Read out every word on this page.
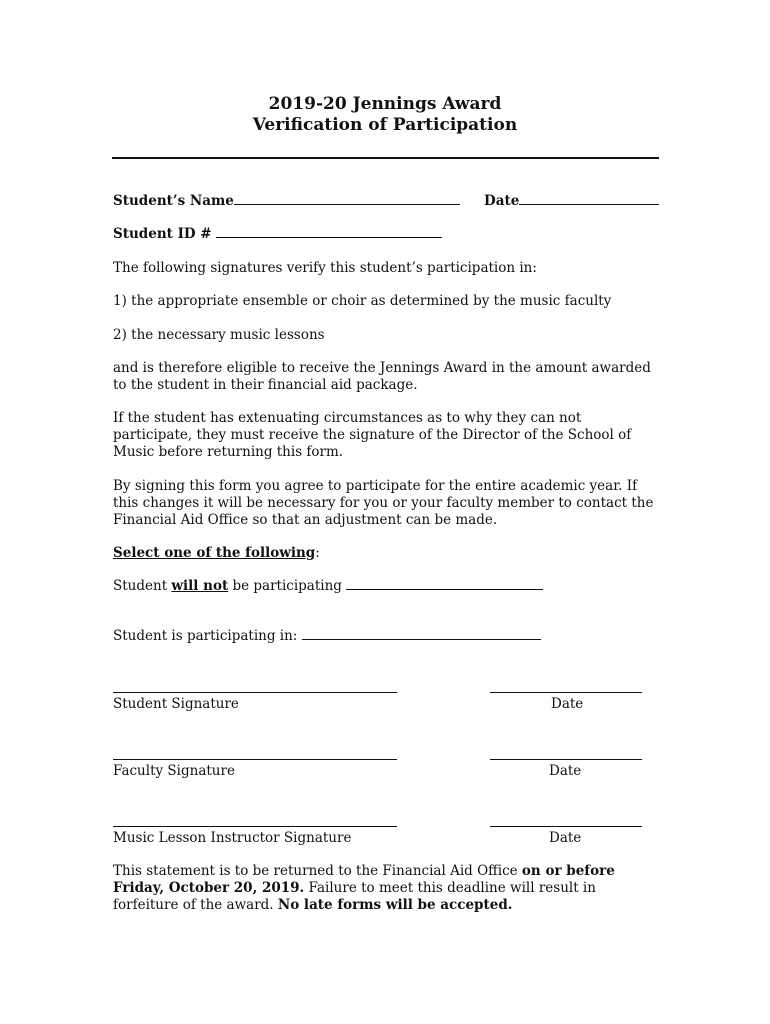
2019-20 Jennings Award
Verification of Participation
Student’s Name	Date
Student ID #
The following signatures verify this student’s participation in:
1) the appropriate ensemble or choir as determined by the music faculty
2) the necessary music lessons
and is therefore eligible to receive the Jennings Award in the amount awarded to the student in their financial aid package.
If the student has extenuating circumstances as to why they can not participate, they must receive the signature of the Director of the School of Music before returning this form.
By signing this form you agree to participate for the entire academic year. If this changes it will be necessary for you or your faculty member to contact the Financial Aid Office so that an adjustment can be made.
Select one of the following:
Student will not be participating
Student is participating in:
Student Signature	Date
Faculty Signature	Date
Music Lesson Instructor Signature	Date
This statement is to be returned to the Financial Aid Office on or before Friday, October 20, 2019. Failure to meet this deadline will result in forfeiture of the award. No late forms will be accepted.
